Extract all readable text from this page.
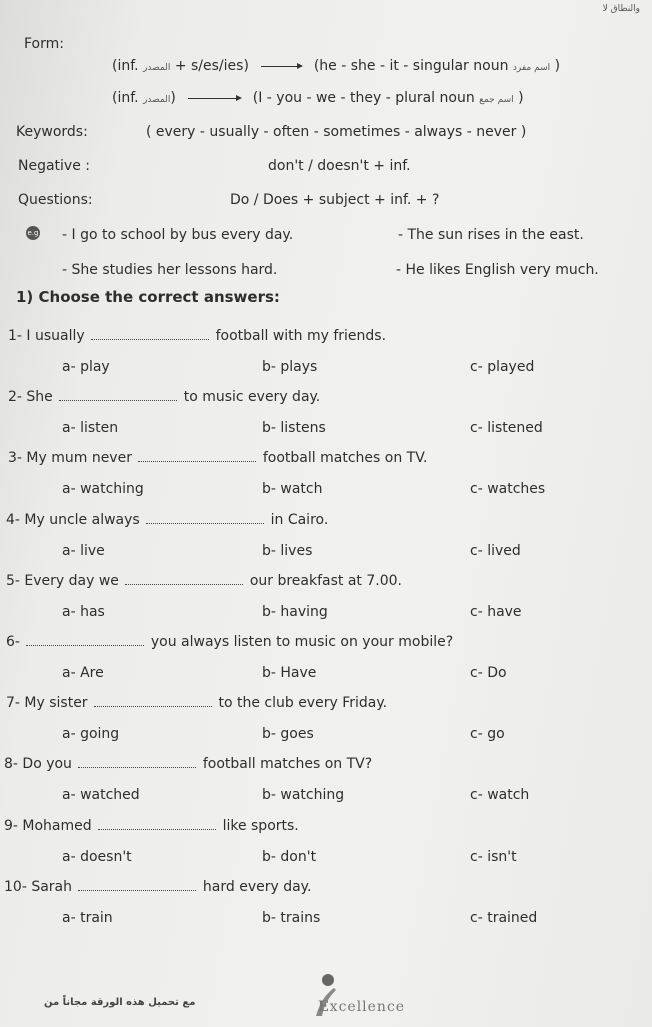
والنطاق لا
Form:
(inf. المصدر + s/es/ies)	(he - she - it - singular noun اسم مفرد )
(inf. المصدر)	(I - you - we - they - plural noun اسم جمع )
Keywords:	( every - usually - often - sometimes - always - never )
Negative :	don't / doesn't + inf.
Questions:	Do / Does + subject + inf. + ?
e.g - I go to school by bus every day.	- The sun rises in the east.
- She studies her lessons hard.	- He likes English very much.
1) Choose the correct answers:
1- I usually	football with my friends.
a- play	b- plays	c- played
2- She	to music every day.
a- listen	b- listens	c- listened
3- My mum never	football matches on TV.
a- watching	b- watch	c- watches
4- My uncle always	in Cairo.
a- live	b- lives	c- lived
5- Every day we	our breakfast at 7.00.
a- has	b- having	c- have
6-	you always listen to music on your mobile?
a- Are	b- Have	c- Do
7- My sister	to the club every Friday.
a- going	b- goes	c- go
8- Do you	football matches on TV?
a- watched	b- watching	c- watch
9- Mohamed	like sports.
a- doesn't	b- don't	c- isn't
10- Sarah	hard every day.
a- train	b- trains	c- trained
مع تحميل هذه الورقة مجاناً من	Excellence
